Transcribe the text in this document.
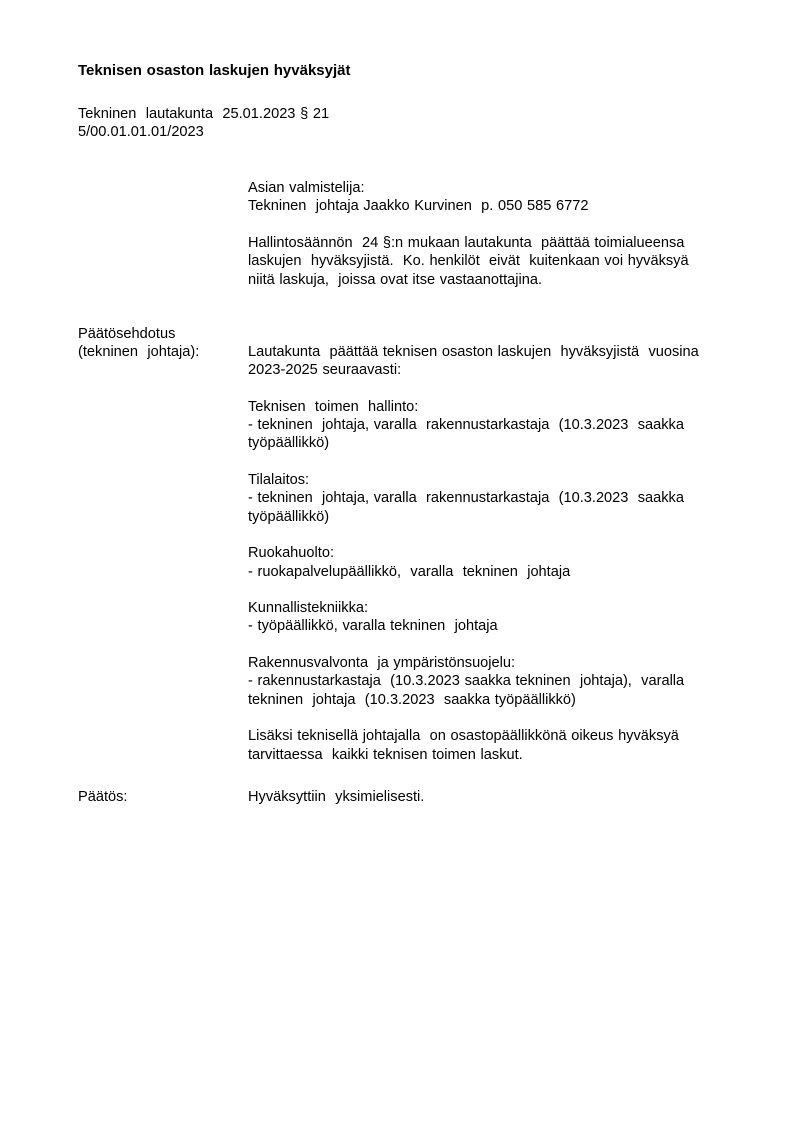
Teknisen osaston laskujen hyväksyjät
Tekninen  lautakunta  25.01.2023 § 21
5/00.01.01.01/2023
Asian valmistelija:
Tekninen  johtaja Jaakko Kurvinen  p. 050 585 6772
Hallintosäännön  24 §:n mukaan lautakunta  päättää toimialueensa
laskujen  hyväksyjistä.  Ko. henkilöt  eivät  kuitenkaan voi hyväksyä
niitä laskuja,  joissa ovat itse vastaanottajina.
Päätösehdotus
(tekninen  johtaja):	Lautakunta  päättää teknisen osaston laskujen  hyväksyjistä  vuosina
2023-2025 seuraavasti:
Teknisen  toimen  hallinto:
- tekninen  johtaja, varalla  rakennustarkastaja  (10.3.2023  saakka
työpäällikkö)
Tilalaitos:
- tekninen  johtaja, varalla  rakennustarkastaja  (10.3.2023  saakka
työpäällikkö)
Ruokahuolto:
- ruokapalvelupäällikkö,  varalla  tekninen  johtaja
Kunnallistekniikka:
- työpäällikkö, varalla tekninen  johtaja
Rakennusvalvonta  ja ympäristönsuojelu:
- rakennustarkastaja  (10.3.2023 saakka tekninen  johtaja),  varalla
tekninen  johtaja  (10.3.2023  saakka työpäällikkö)
Lisäksi teknisellä johtajalla  on osastopäällikkönä oikeus hyväksyä
tarvittaessa  kaikki teknisen toimen laskut.
Päätös:	Hyväksyttiin  yksimielisesti.
